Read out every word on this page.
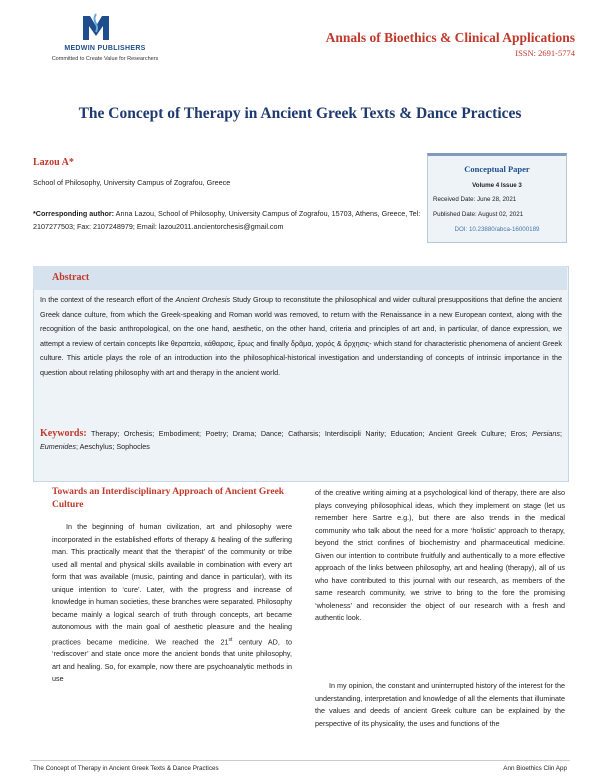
MEDWIN PUBLISHERS
Committed to Create Value for Researchers
Annals of Bioethics & Clinical Applications
ISSN: 2691-5774
The Concept of Therapy in Ancient Greek Texts & Dance Practices
Lazou A*
School of Philosophy, University Campus of Zografou, Greece
*Corresponding author: Anna Lazou, School of Philosophy, University Campus of Zografou, 15703, Athens, Greece, Tel: 2107277503; Fax: 2107248979; Email: lazou2011.ancientorchesis@gmail.com
Conceptual Paper
Volume 4 Issue 3
Received Date: June 28, 2021
Published Date: August 02, 2021
DOI: 10.23880/abca-16000189
Abstract
In the context of the research effort of the Ancient Orchesis Study Group to reconstitute the philosophical and wider cultural presuppositions that define the ancient Greek dance culture, from which the Greek-speaking and Roman world was removed, to return with the Renaissance in a new European context, along with the recognition of the basic anthropological, on the one hand, aesthetic, on the other hand, criteria and principles of art and, in particular, of dance expression, we attempt a review of certain concepts like θεραπεία, κάθαρσις, ἔρως and finally δρᾶμα, χορός & ὄρχησις- which stand for characteristic phenomena of ancient Greek culture. This article plays the role of an introduction into the philosophical-historical investigation and understanding of concepts of intrinsic importance in the question about relating philosophy with art and therapy in the ancient world.
Keywords: Therapy; Orchesis; Embodiment; Poetry; Drama; Dance; Catharsis; Interdiscipli Narity; Education; Ancient Greek Culture; Eros; Persians; Eumenides; Aeschylus; Sophocles
Towards an Interdisciplinary Approach of Ancient Greek Culture

In the beginning of human civilization, art and philosophy were incorporated in the established efforts of therapy & healing of the suffering man. This practically meant that the ‘therapist’ of the community or tribe used all mental and physical skills available in combination with every art form that was available (music, painting and dance in particular), with its unique intention to ‘cure’. Later, with the progress and increase of knowledge in human societies, these branches were separated. Philosophy became mainly a logical search of truth through concepts, art became autonomous with the main goal of aesthetic pleasure and the healing practices became medicine. We reached the 21st century AD, to ‘rediscover’ and state once more the ancient bonds that unite philosophy, art and healing. So, for example, now there are psychoanalytic methods in use

of the creative writing aiming at a psychological kind of therapy, there are also plays conveying philosophical ideas, which they implement on stage (let us remember here Sartre e.g.), but there are also trends in the medical community who talk about the need for a more ‘holistic’ approach to therapy, beyond the strict confines of biochemistry and pharmaceutical medicine. Given our intention to contribute fruitfully and authentically to a more effective approach of the links between philosophy, art and healing (therapy), all of us who have contributed to this journal with our research, as members of the same research community, we strive to bring to the fore the promising ‘wholeness’ and reconsider the object of our research with a fresh and authentic look.

In my opinion, the constant and uninterrupted history of the interest for the understanding, interpretation and knowledge of all the elements that illuminate the values and deeds of ancient Greek culture can be explained by the perspective of its physicality, the uses and functions of the

The Concept of Therapy in Ancient Greek Texts & Dance Practices	Ann Bioethics Clin App
